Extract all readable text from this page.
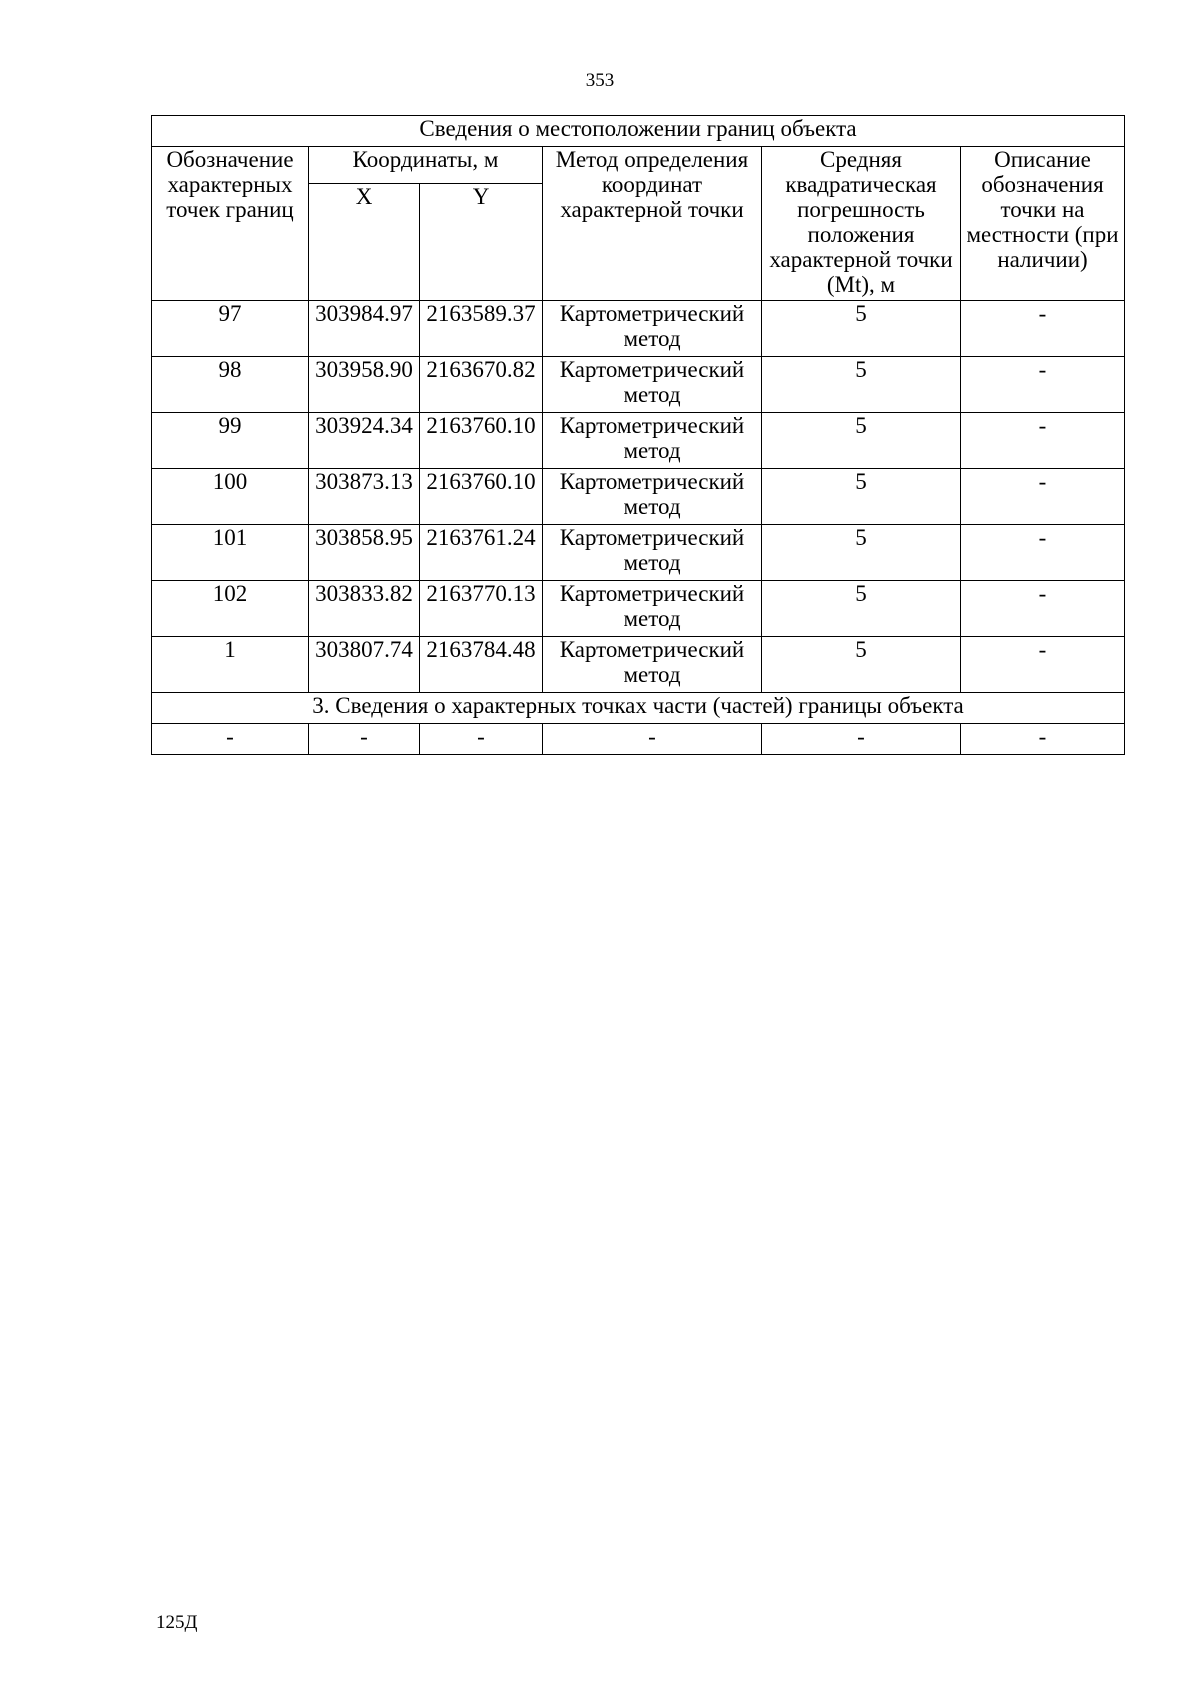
353
Сведения о местоположении границ объекта					
Обозначение характерных точек границ	Координаты, м		Метод определения координат характерной точки	Средняя квадратическая погрешность положения характерной точки (Mt), м	Описание обозначения точки на местности (при наличии)
	X	Y			
97	303984.97	2163589.37	Картометрический метод	5	-
98	303958.90	2163670.82	Картометрический метод	5	-
99	303924.34	2163760.10	Картометрический метод	5	-
100	303873.13	2163760.10	Картометрический метод	5	-
101	303858.95	2163761.24	Картометрический метод	5	-
102	303833.82	2163770.13	Картометрический метод	5	-
1	303807.74	2163784.48	Картометрический метод	5	-
3. Сведения о характерных точках части (частей) границы объекта					
-	-	-	-	-	-
125Д
